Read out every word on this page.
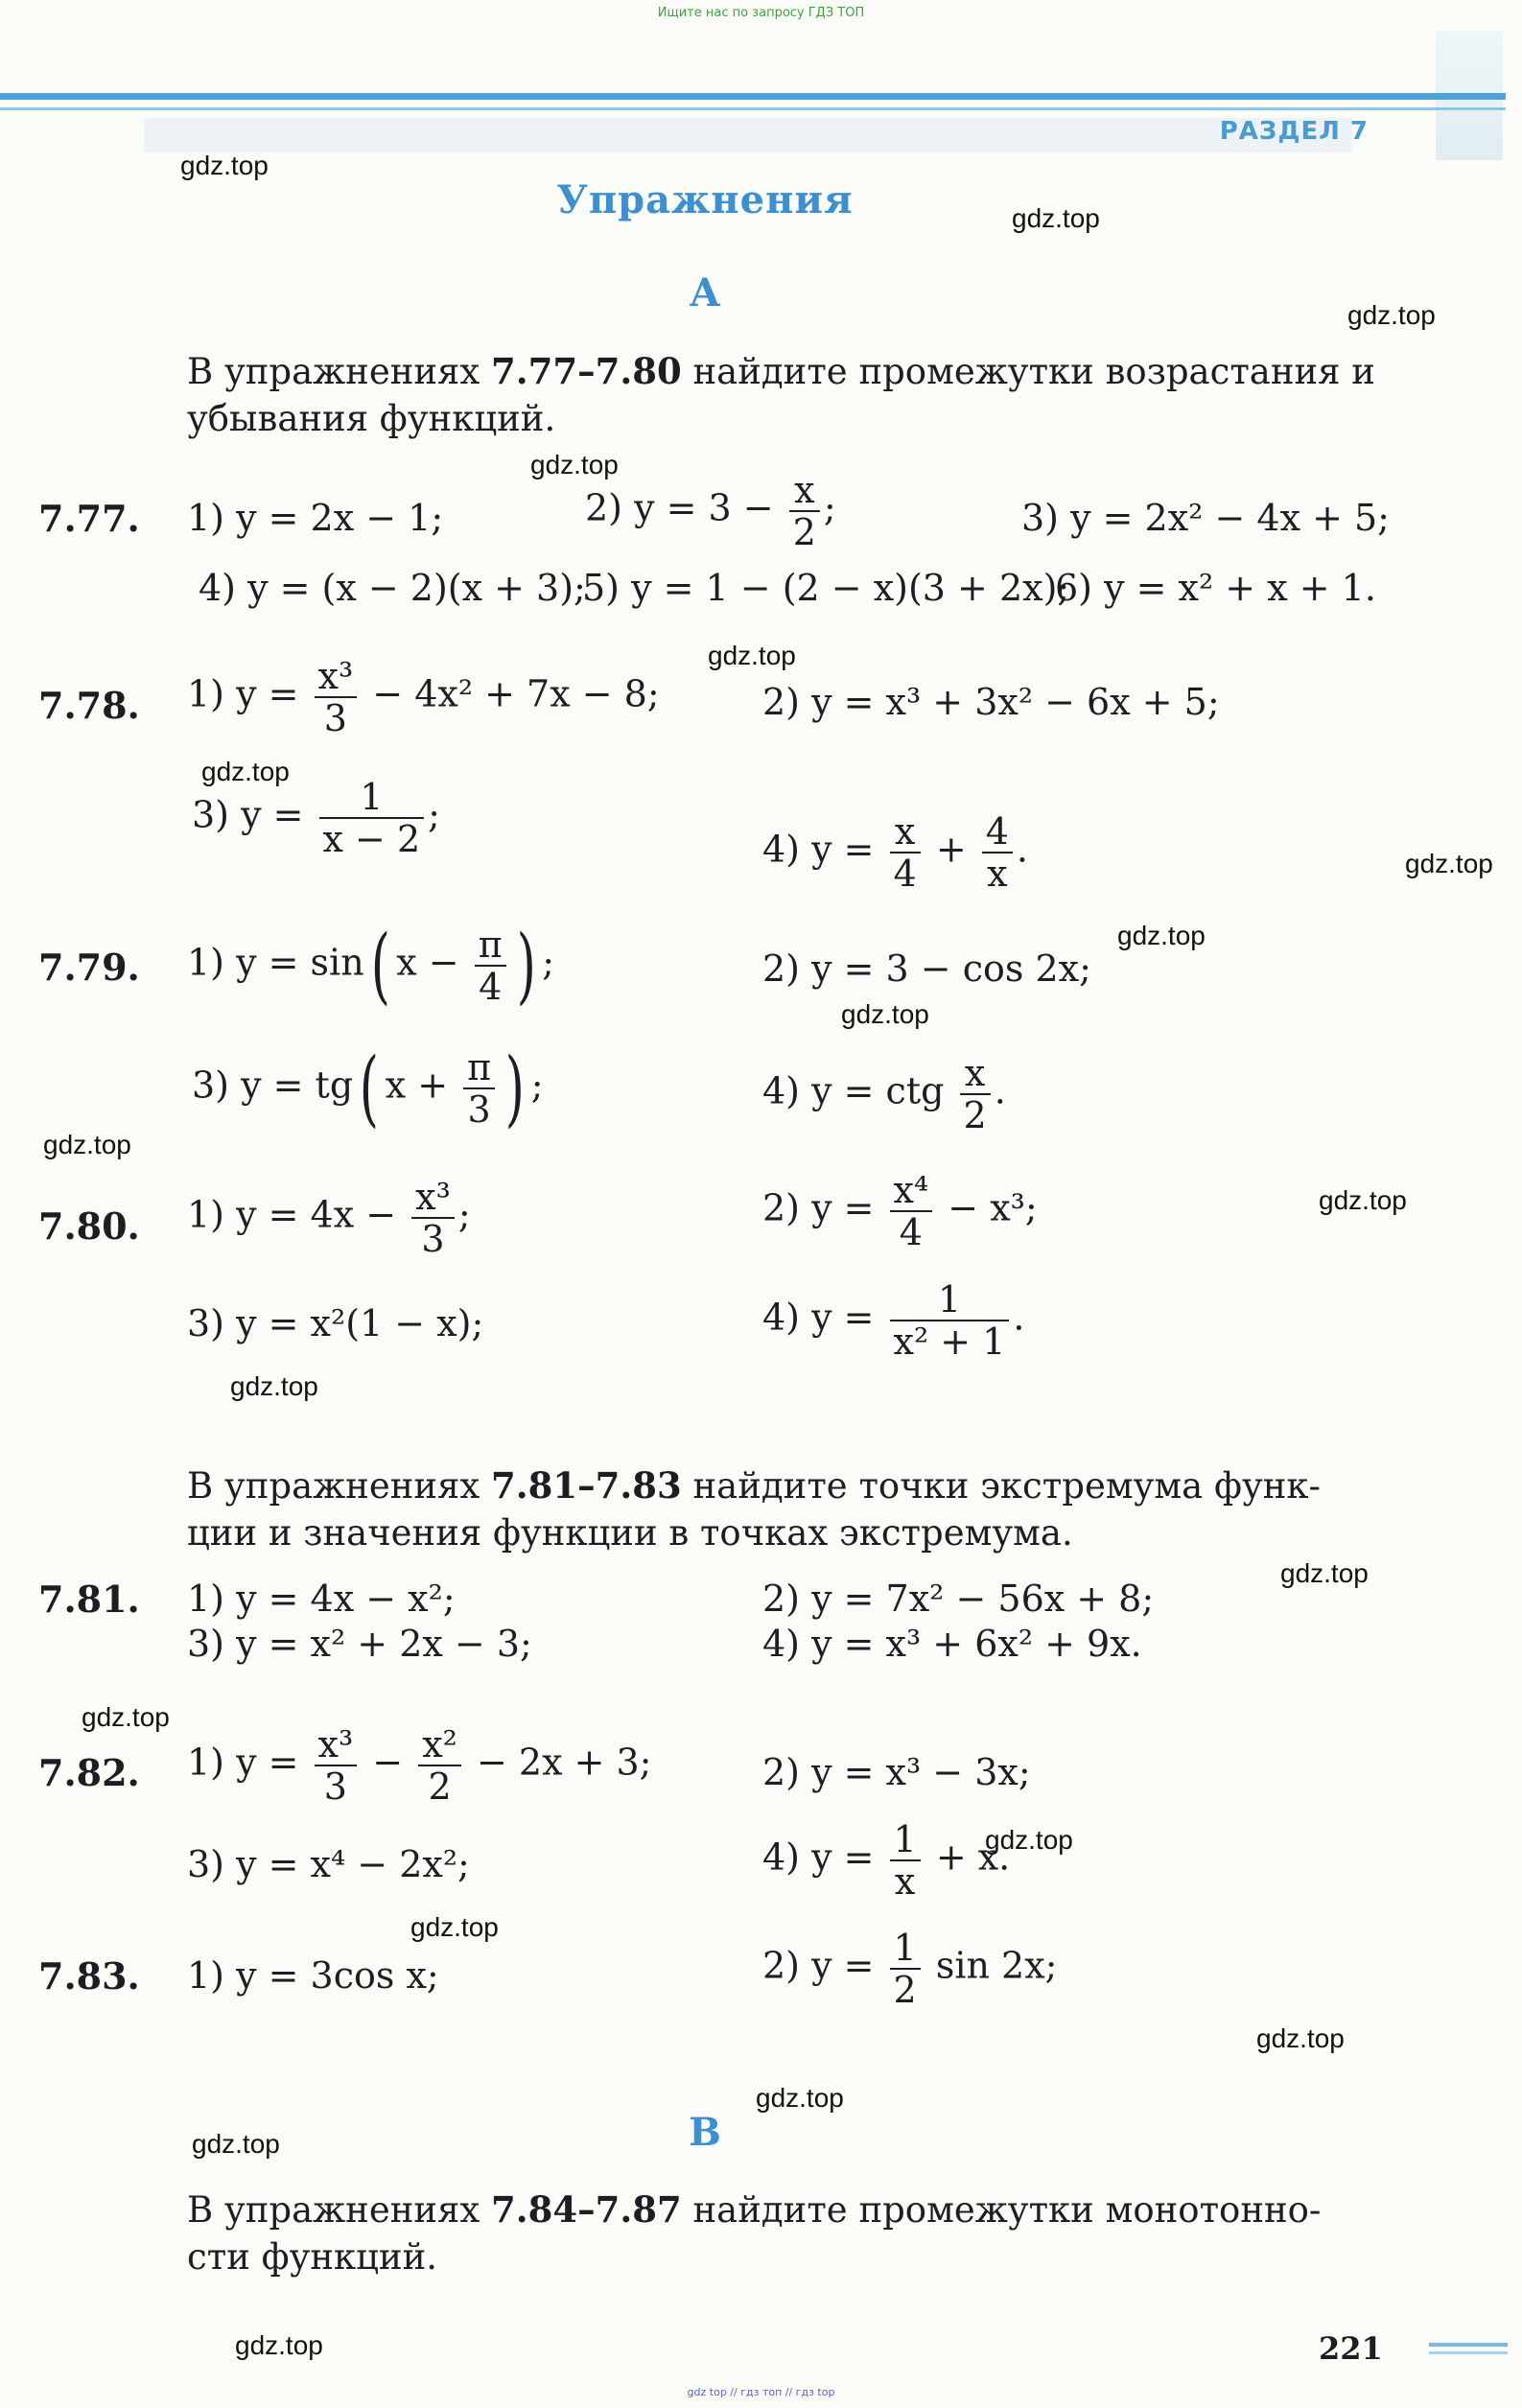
Ищите нас по запросу ГДЗ ТОП
РАЗДЕЛ 7
Упражнения
А
gdz.top
gdz.top
gdz.top
gdz.top
gdz.top
gdz.top
gdz.top
gdz.top
gdz.top
gdz.top
gdz.top
gdz.top
gdz.top
gdz.top
gdz.top
gdz.top
gdz.top
gdz.top
gdz.top
gdz.top
В упражнениях 7.77–7.80 найдите промежутки возрастания и убывания функций.
7.77. 1) y = 2x − 1;	2) $y = 3 - \frac{x}{2}$ ;	3) y = 2x² − 4x + 5;
4) y = (x − 2)(x + 3);
5) y = 1 − (2 − x)(3 + 2x);
6) y = x² + x + 1.
7.78. 1) $y = \frac{\text{x³}}{3} - 4x^2 + 7x - 8$;	2) y = x³ + 3x² − 6x + 5;
3) $y = \frac{1}{x - 2}$ ;
4) $y = \frac{x}{4} + \frac{4}{x}$ .
7.79. 1) y = sin( $x - \frac{\pi}{4}$ ) ;	2) y = 3 − cos 2x;
3) y = tg( $x + \frac{\pi}{3}$ ) ;	4) y = ctg $\frac{x}{2}$ .
7.80. 1) $y = 4x - \frac{\text{x³}}{3}$ ;	2) $y = \frac{\text{x⁴}}{4} - x^3$;
3) y = x²(1 − x);	4) $y = \frac{1}{\text{x² + 1}}$ .
В упражнениях 7.81–7.83 найдите точки экстремума функ-ции и значения функции в точках экстремума.
7.81. 1) y = 4x − x²;	2) y = 7x² − 56x + 8;
3) y = x² + 2x − 3;	4) y = x³ + 6x² + 9x.
7.82. 1) $y = \frac{\text{x³}}{3} - \frac{\text{x²}}{2} - 2x + 3$;	2) y = x³ − 3x;
3) y = x⁴ − 2x²;	4) $y = \frac{1}{x} + x$.
7.83. 1) y = 3cos x;	2) $y = \frac{1}{2}$ sin 2x;
В
В упражнениях 7.84–7.87 найдите промежутки монотонно-сти функций.
221
gdz top // гдз топ // гдз top
